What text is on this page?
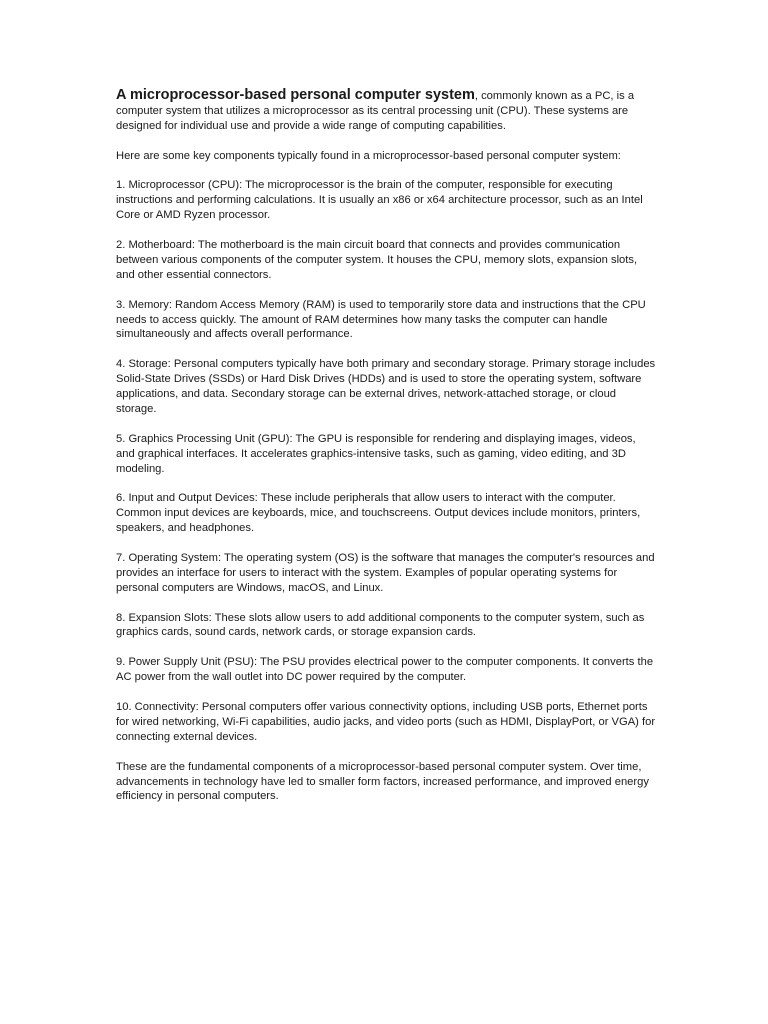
A microprocessor-based personal computer system, commonly known as a PC, is a computer system that utilizes a microprocessor as its central processing unit (CPU). These systems are designed for individual use and provide a wide range of computing capabilities.

Here are some key components typically found in a microprocessor-based personal computer system:

1. Microprocessor (CPU): The microprocessor is the brain of the computer, responsible for executing instructions and performing calculations. It is usually an x86 or x64 architecture processor, such as an Intel Core or AMD Ryzen processor.

2. Motherboard: The motherboard is the main circuit board that connects and provides communication between various components of the computer system. It houses the CPU, memory slots, expansion slots, and other essential connectors.

3. Memory: Random Access Memory (RAM) is used to temporarily store data and instructions that the CPU needs to access quickly. The amount of RAM determines how many tasks the computer can handle simultaneously and affects overall performance.

4. Storage: Personal computers typically have both primary and secondary storage. Primary storage includes Solid-State Drives (SSDs) or Hard Disk Drives (HDDs) and is used to store the operating system, software applications, and data. Secondary storage can be external drives, network-attached storage, or cloud storage.

5. Graphics Processing Unit (GPU): The GPU is responsible for rendering and displaying images, videos, and graphical interfaces. It accelerates graphics-intensive tasks, such as gaming, video editing, and 3D modeling.

6. Input and Output Devices: These include peripherals that allow users to interact with the computer. Common input devices are keyboards, mice, and touchscreens. Output devices include monitors, printers, speakers, and headphones.

7. Operating System: The operating system (OS) is the software that manages the computer's resources and provides an interface for users to interact with the system. Examples of popular operating systems for personal computers are Windows, macOS, and Linux.

8. Expansion Slots: These slots allow users to add additional components to the computer system, such as graphics cards, sound cards, network cards, or storage expansion cards.

9. Power Supply Unit (PSU): The PSU provides electrical power to the computer components. It converts the AC power from the wall outlet into DC power required by the computer.

10. Connectivity: Personal computers offer various connectivity options, including USB ports, Ethernet ports for wired networking, Wi-Fi capabilities, audio jacks, and video ports (such as HDMI, DisplayPort, or VGA) for connecting external devices.

These are the fundamental components of a microprocessor-based personal computer system. Over time, advancements in technology have led to smaller form factors, increased performance, and improved energy efficiency in personal computers.
